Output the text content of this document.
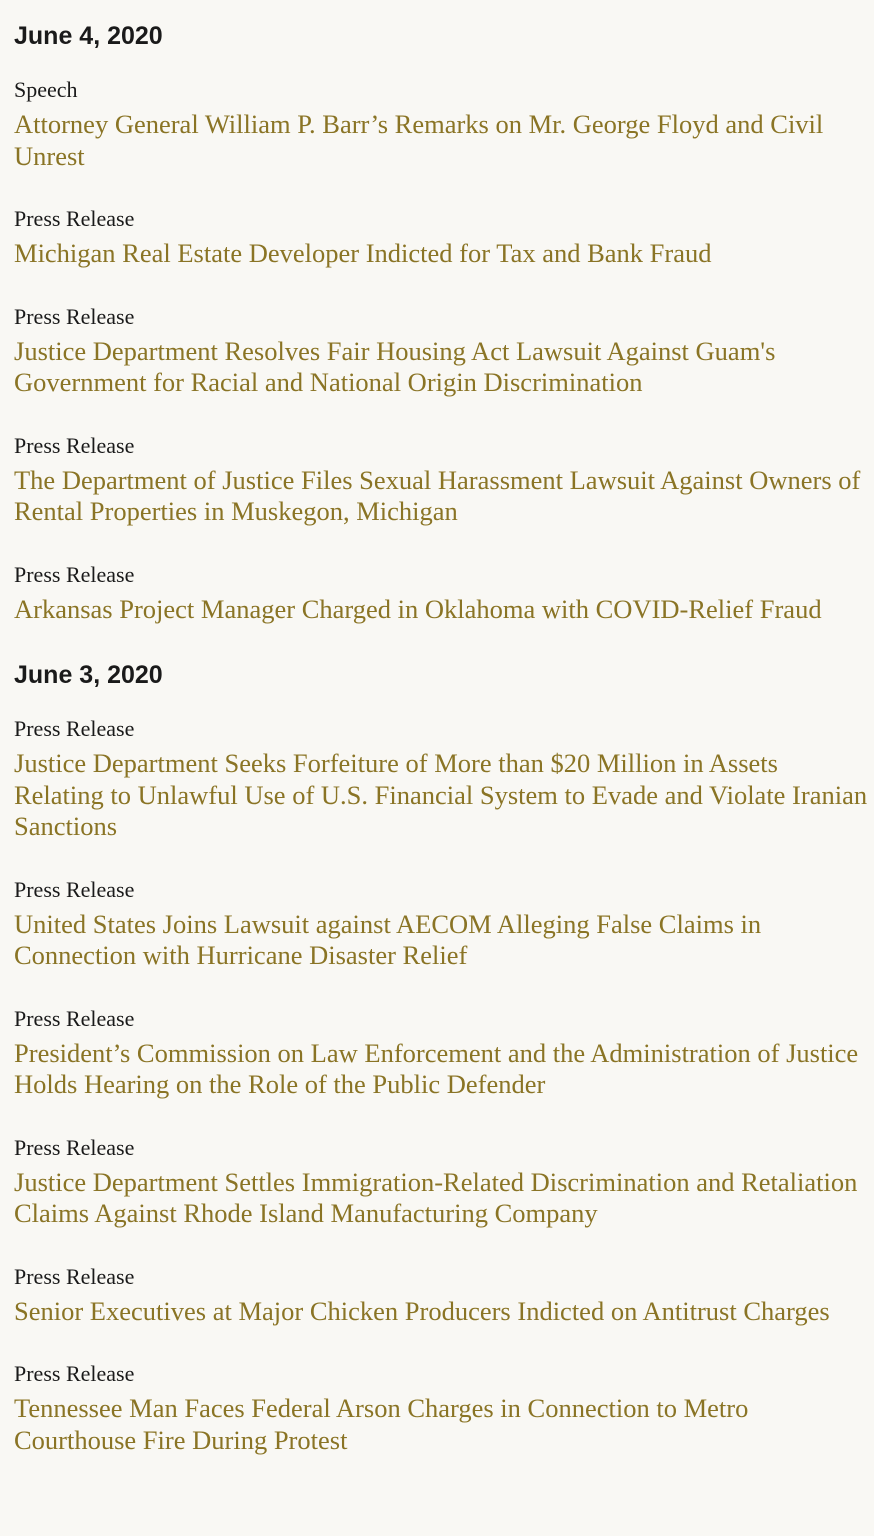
June 4, 2020
Speech
Attorney General William P. Barr’s Remarks on Mr. George Floyd and Civil Unrest
Press Release
Michigan Real Estate Developer Indicted for Tax and Bank Fraud
Press Release
Justice Department Resolves Fair Housing Act Lawsuit Against Guam's Government for Racial and National Origin Discrimination
Press Release
The Department of Justice Files Sexual Harassment Lawsuit Against Owners of Rental Properties in Muskegon, Michigan
Press Release
Arkansas Project Manager Charged in Oklahoma with COVID-Relief Fraud
June 3, 2020
Press Release
Justice Department Seeks Forfeiture of More than $20 Million in Assets Relating to Unlawful Use of U.S. Financial System to Evade and Violate Iranian Sanctions
Press Release
United States Joins Lawsuit against AECOM Alleging False Claims in Connection with Hurricane Disaster Relief
Press Release
President’s Commission on Law Enforcement and the Administration of Justice Holds Hearing on the Role of the Public Defender
Press Release
Justice Department Settles Immigration-Related Discrimination and Retaliation Claims Against Rhode Island Manufacturing Company
Press Release
Senior Executives at Major Chicken Producers Indicted on Antitrust Charges
Press Release
Tennessee Man Faces Federal Arson Charges in Connection to Metro Courthouse Fire During Protest
